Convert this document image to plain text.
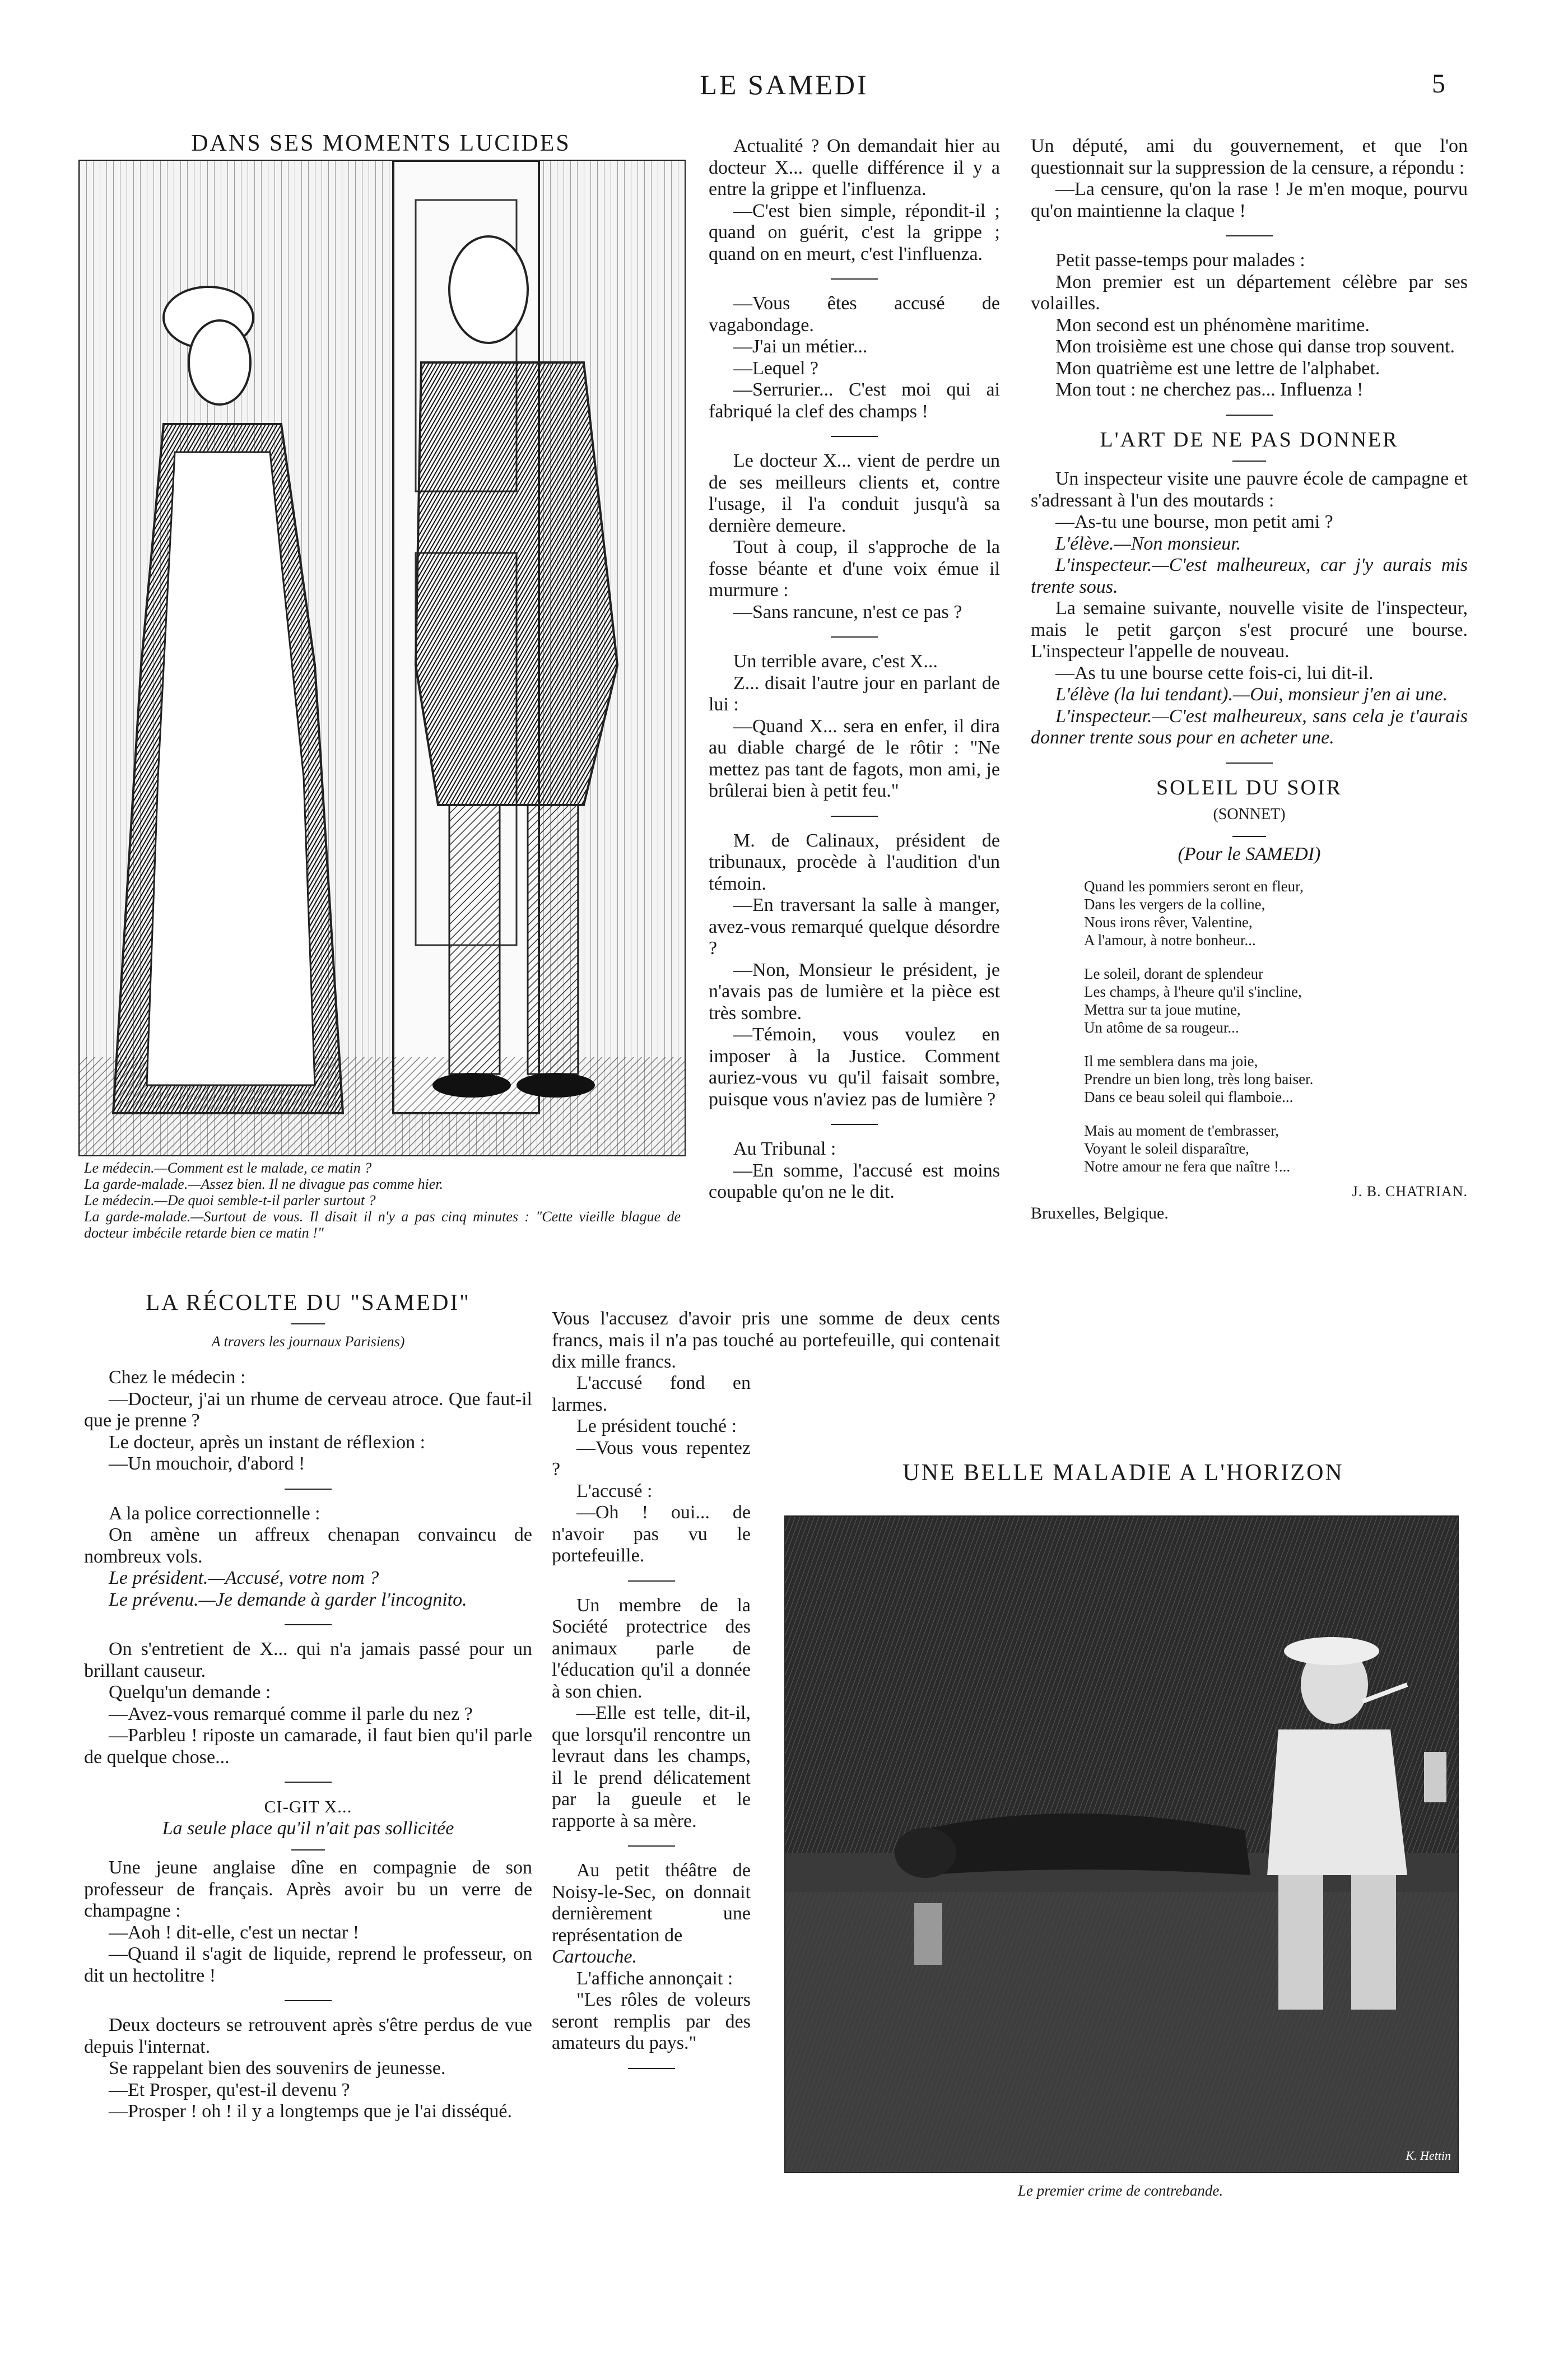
LE SAMEDI	5
DANS SES MOMENTS LUCIDES
Le médecin.—Comment est le malade, ce matin ?
La garde-malade.—Assez bien. Il ne divague pas comme hier.
Le médecin.—De quoi semble-t-il parler surtout ?
La garde-malade.—Surtout de vous. Il disait il n'y a pas cinq minutes : "Cette vieille blague de docteur imbécile retarde bien ce matin !"
LA RÉCOLTE DU "SAMEDI"
A travers les journaux Parisiens)

Chez le médecin :

—Docteur, j'ai un rhume de cerveau atroce. Que faut-il que je prenne ?

Le docteur, après un instant de réflexion :

—Un mouchoir, d'abord !

A la police correctionnelle :

On amène un affreux chenapan convaincu de nombreux vols.

Le président.—Accusé, votre nom ?

Le prévenu.—Je demande à garder l'incognito.

On s'entretient de X... qui n'a jamais passé pour un brillant causeur.

Quelqu'un demande :

—Avez-vous remarqué comme il parle du nez ?

—Parbleu ! riposte un camarade, il faut bien qu'il parle de quelque chose...

CI-GIT X...

La seule place qu'il n'ait pas sollicitée

Une jeune anglaise dîne en compagnie de son professeur de français. Après avoir bu un verre de champagne :

—Aoh ! dit-elle, c'est un nectar !

—Quand il s'agit de liquide, reprend le professeur, on dit un hectolitre !

Deux docteurs se retrouvent après s'être perdus de vue depuis l'internat.

Se rappelant bien des souvenirs de jeunesse.

—Et Prosper, qu'est-il devenu ?

—Prosper ! oh ! il y a longtemps que je l'ai disséqué.

Actualité ? On demandait hier au docteur X... quelle différence il y a entre la grippe et l'influenza.

—C'est bien simple, répondit-il ; quand on guérit, c'est la grippe ; quand on en meurt, c'est l'influenza.

—Vous êtes accusé de vagabondage.

—J'ai un métier...

—Lequel ?

—Serrurier... C'est moi qui ai fabriqué la clef des champs !

Le docteur X... vient de perdre un de ses meilleurs clients et, contre l'usage, il l'a conduit jusqu'à sa dernière demeure.

Tout à coup, il s'approche de la fosse béante et d'une voix émue il murmure :

—Sans rancune, n'est ce pas ?

Un terrible avare, c'est X...

Z... disait l'autre jour en parlant de lui :

—Quand X... sera en enfer, il dira au diable chargé de le rôtir : "Ne mettez pas tant de fagots, mon ami, je brûlerai bien à petit feu."

M. de Calinaux, président de tribunaux, procède à l'audition d'un témoin.

—En traversant la salle à manger, avez-vous remarqué quelque désordre ?

—Non, Monsieur le président, je n'avais pas de lumière et la pièce est très sombre.

—Témoin, vous voulez en imposer à la Justice. Comment auriez-vous vu qu'il faisait sombre, puisque vous n'aviez pas de lumière ?

Au Tribunal :

—En somme, l'accusé est moins coupable qu'on ne le dit.

Vous l'accusez d'avoir pris une somme de deux cents francs, mais il n'a pas touché au portefeuille, qui contenait dix mille francs.

L'accusé fond en larmes.

Le président touché :

—Vous vous repentez ?

L'accusé :

—Oh ! oui... de n'avoir pas vu le portefeuille.

Un membre de la Société protectrice des animaux parle de l'éducation qu'il a donnée à son chien.

—Elle est telle, dit-il, que lorsqu'il rencontre un levraut dans les champs, il le prend délicatement par la gueule et le rapporte à sa mère.

Au petit théâtre de Noisy-le-Sec, on donnait dernièrement une représentation de

Cartouche.

L'affiche annonçait :

"Les rôles de voleurs seront remplis par des amateurs du pays."

Un député, ami du gouvernement, et que l'on questionnait sur la suppression de la censure, a répondu :

—La censure, qu'on la rase ! Je m'en moque, pourvu qu'on maintienne la claque !

Petit passe-temps pour malades :

Mon premier est un département célèbre par ses volailles.

Mon second est un phénomène maritime.

Mon troisième est une chose qui danse trop souvent.

Mon quatrième est une lettre de l'alphabet.

Mon tout : ne cherchez pas... Influenza !

L'ART DE NE PAS DONNER

Un inspecteur visite une pauvre école de campagne et s'adressant à l'un des moutards :

—As-tu une bourse, mon petit ami ?

L'élève.—Non monsieur.

L'inspecteur.—C'est malheureux, car j'y aurais mis trente sous.

La semaine suivante, nouvelle visite de l'inspecteur, mais le petit garçon s'est procuré une bourse. L'inspecteur l'appelle de nouveau.

—As tu une bourse cette fois-ci, lui dit-il.

L'élève (la lui tendant).—Oui, monsieur j'en ai une.

L'inspecteur.—C'est malheureux, sans cela je t'aurais donner trente sous pour en acheter une.

SOLEIL DU SOIR

(SONNET)

(Pour le SAMEDI)

Quand les pommiers seront en fleur,

Dans les vergers de la colline,

Nous irons rêver, Valentine,

A l'amour, à notre bonheur...

Le soleil, dorant de splendeur

Les champs, à l'heure qu'il s'incline,

Mettra sur ta joue mutine,

Un atôme de sa rougeur...

Il me semblera dans ma joie,

Prendre un bien long, très long baiser.

Dans ce beau soleil qui flamboie...

Mais au moment de t'embrasser,

Voyant le soleil disparaître,

Notre amour ne fera que naître !...

J. B. CHATRIAN.

Bruxelles, Belgique.

UNE BELLE MALADIE A L'HORIZON
K. Hettin
Le premier crime de contrebande.
